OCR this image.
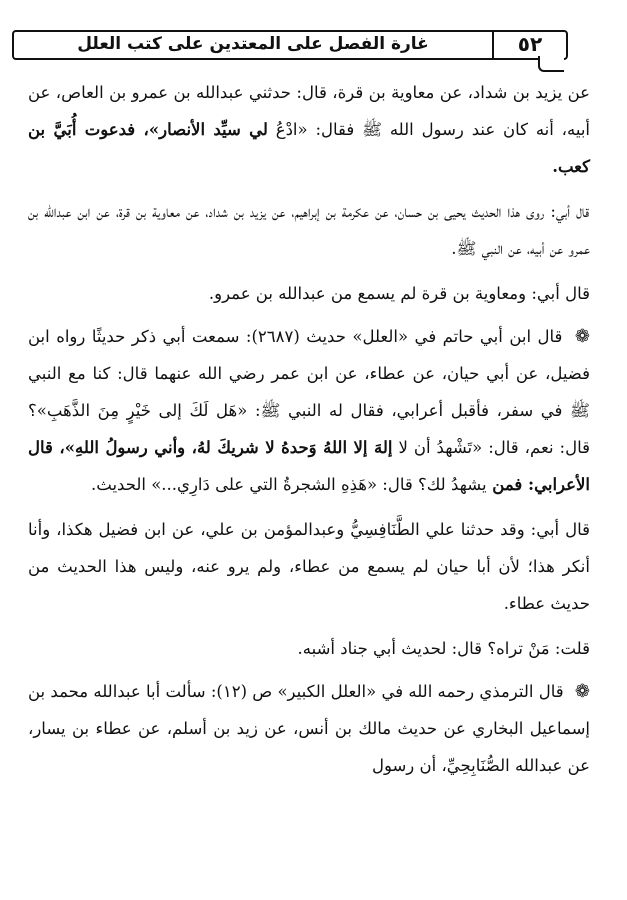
غارة الفصل على المعتدين على كتب العلل	٥٢

عن يزيد بن شداد، عن معاوية بن قرة، قال: حدثني عبدالله بن عمرو بن العاص، عن أبيه، أنه كان عند رسول الله ﷺ فقال: «ادْعُ لي سيِّد الأنصار»، فدعوت أُبَيَّ بن كعب.

قال أبي: روى هذا الحديث يحيى بن حسان، عن عكرمة بن إبراهيم، عن يزيد بن شداد، عن معاوية بن قرة، عن ابن عبدالله بن عمرو عن أبيه، عن النبي ﷺ.

قال أبي: ومعاوية بن قرة لم يسمع من عبدالله بن عمرو.

❁ قال ابن أبي حاتم في «العلل» حديث (٢٦٨٧): سمعت أبي ذكر حديثًا رواه ابن فضيل، عن أبي حيان، عن عطاء، عن ابن عمر رضي الله عنهما قال: كنا مع النبي ﷺ في سفر، فأقبل أعرابي، فقال له النبي ﷺ: «هَل لَكَ إلى خَيْرٍ مِنَ الذَّهَبِ»؟ قال: نعم، قال: «تَشْهدُ أن لا إلهَ إلا اللهُ وَحدهُ لا شريكَ لهُ، وأني رسولُ اللهِ»، قال الأعرابي: فمن يشهدُ لك؟ قال: «هَذِهِ الشجرةُ التي على دَارِي...» الحديث.

قال أبي: وقد حدثنا علي الطَّنَافِسِيُّ وعبدالمؤمن بن علي، عن ابن فضيل هكذا، وأنا أنكر هذا؛ لأن أبا حيان لم يسمع من عطاء، ولم يرو عنه، وليس هذا الحديث من حديث عطاء.

قلت: مَنْ تراه؟ قال: لحديث أبي جناد أشبه.

❁ قال الترمذي رحمه الله في «العلل الكبير» ص (١٢): سألت أبا عبدالله محمد بن إسماعيل البخاري عن حديث مالك بن أنس، عن زيد بن أسلم، عن عطاء بن يسار، عن عبدالله الصُّنَابِحِيِّ، أن رسول
